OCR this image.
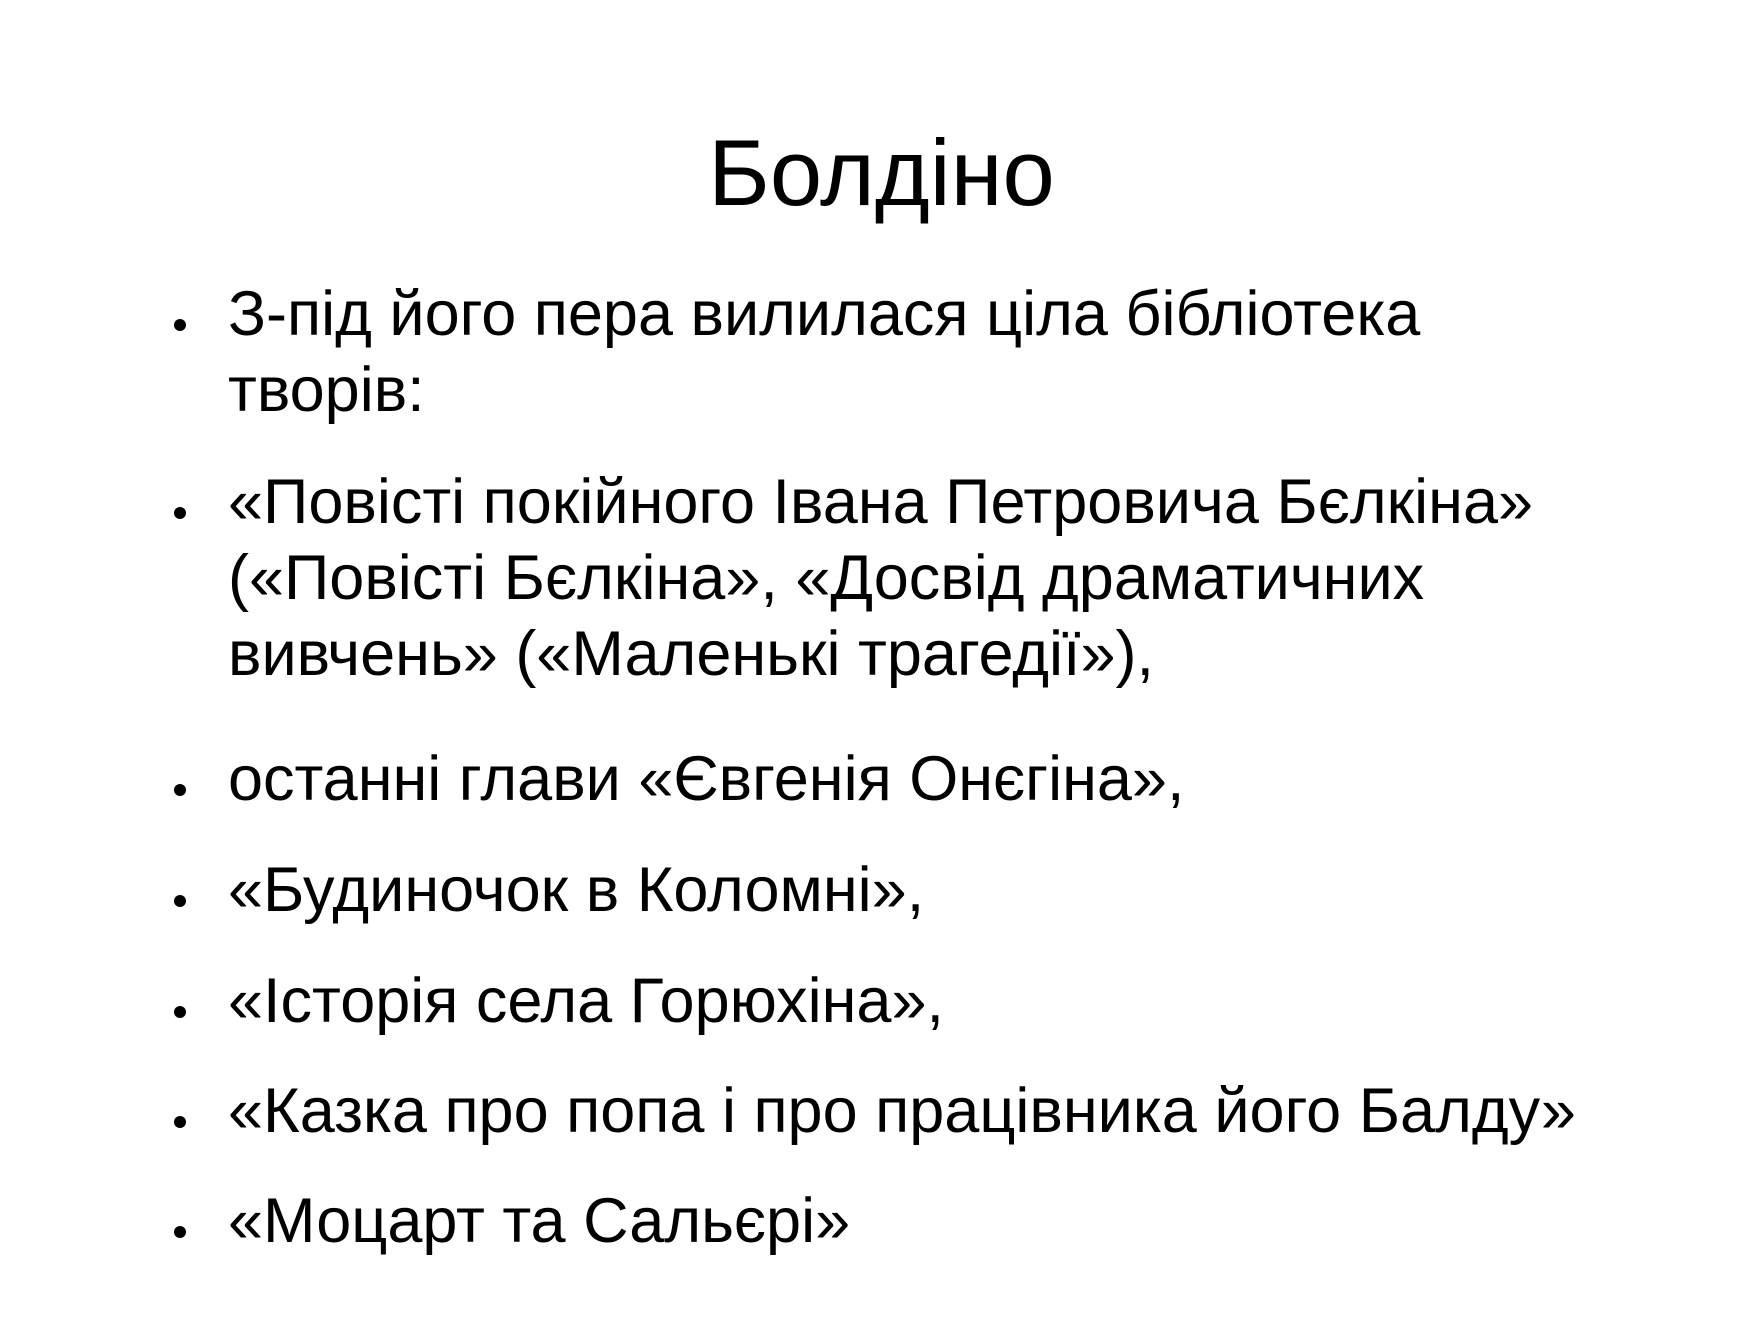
Болдіно

З-під його пера вилилася ціла бібліотека
творів:

«Повісті покійного Івана Петровича Бєлкіна»
(«Повісті Бєлкіна», «Досвід драматичних
вивчень» («Маленькі трагедії»),

останні глави «Євгенія Онєгіна»,

«Будиночок в Коломні»,

«Історія села Горюхіна»,

«Казка про попа і про працівника його Балду»

«Моцарт та Сальєрі»
